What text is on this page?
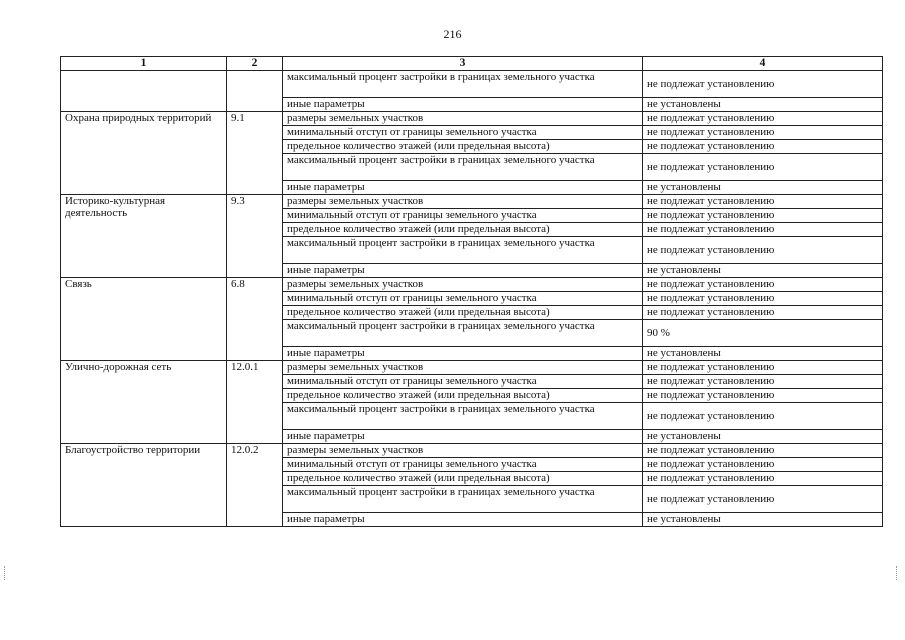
216
1	2	3	4
		максимальный процент застройки в границах земельного участка	не подлежат установлению
		иные параметры	не установлены
Охрана природных территорий	9.1	размеры земельных участков	не подлежат установлению
		минимальный отступ от границы земельного участка	не подлежат установлению
		предельное количество этажей (или предельная высота)	не подлежат установлению
		максимальный процент застройки в границах земельного участка	не подлежат установлению
		иные параметры	не установлены
Историко-культурная деятельность	9.3	размеры земельных участков	не подлежат установлению
		минимальный отступ от границы земельного участка	не подлежат установлению
		предельное количество этажей (или предельная высота)	не подлежат установлению
		максимальный процент застройки в границах земельного участка	не подлежат установлению
		иные параметры	не установлены
Связь	6.8	размеры земельных участков	не подлежат установлению
		минимальный отступ от границы земельного участка	не подлежат установлению
		предельное количество этажей (или предельная высота)	не подлежат установлению
		максимальный процент застройки в границах земельного участка	90 %
		иные параметры	не установлены
Улично-дорожная сеть	12.0.1	размеры земельных участков	не подлежат установлению
		минимальный отступ от границы земельного участка	не подлежат установлению
		предельное количество этажей (или предельная высота)	не подлежат установлению
		максимальный процент застройки в границах земельного участка	не подлежат установлению
		иные параметры	не установлены
Благоустройство территории	12.0.2	размеры земельных участков	не подлежат установлению
		минимальный отступ от границы земельного участка	не подлежат установлению
		предельное количество этажей (или предельная высота)	не подлежат установлению
		максимальный процент застройки в границах земельного участка	не подлежат установлению
		иные параметры	не установлены
